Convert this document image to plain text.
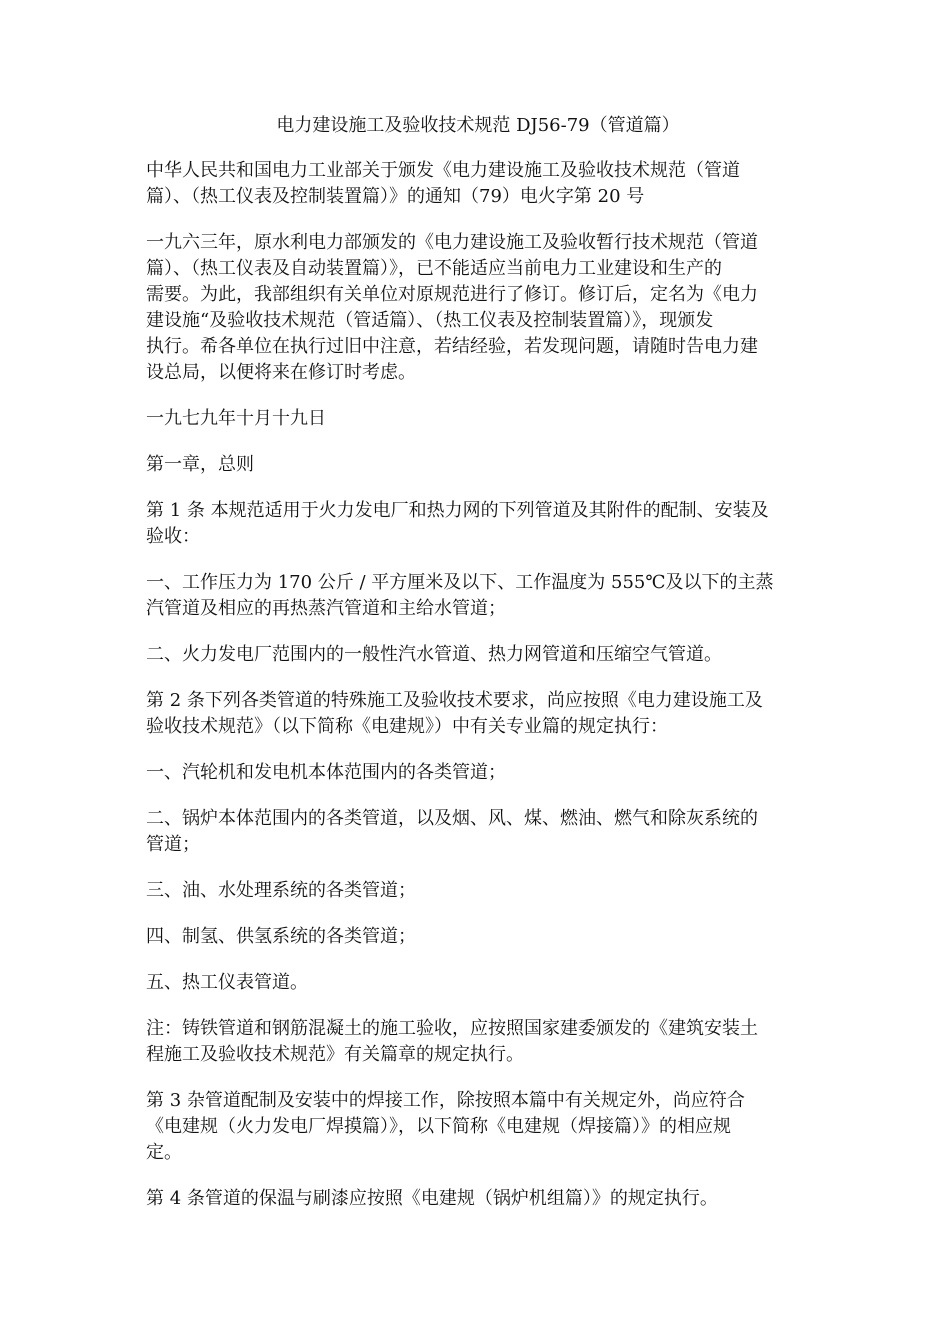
电力建设施工及验收技术规范 DJ56-79（管道篇）

中华人民共和国电力工业部关于颁发《电力建设施工及验收技术规范（管道
篇）、（热工仪表及控制装置篇）》的通知（79）电火字第 20 号

一九六三年，原水利电力部颁发的《电力建设施工及验收暂行技术规范（管道
篇）、（热工仪表及自动装置篇）》，已不能适应当前电力工业建设和生产的
需要。为此，我部组织有关单位对原规范进行了修订。修订后，定名为《电力
建设施“及验收技术规范（管适篇）、（热工仪表及控制装置篇）》，现颁发
执行。希各单位在执行过旧中注意，若结经验，若发现问题，请随时告电力建
设总局，以便将来在修订时考虑。

一九七九年十月十九日

第一章，总则

第 1 条 本规范适用于火力发电厂和热力网的下列管道及其附件的配制、安装及
验收：

一、工作压力为 170 公斤 / 平方厘米及以下、工作温度为 555℃及以下的主蒸
汽管道及相应的再热蒸汽管道和主给水管道；

二、火力发电厂范围内的一般性汽水管道、热力网管道和压缩空气管道。

第 2 条下列各类管道的特殊施工及验收技术要求，尚应按照《电力建设施工及
验收技术规范》（以下简称《电建规》）中有关专业篇的规定执行：

一、汽轮机和发电机本体范围内的各类管道；

二、锅炉本体范围内的各类管道，以及烟、风、煤、燃油、燃气和除灰系统的
管道；

三、油、水处理系统的各类管道；

四、制氢、供氢系统的各类管道；

五、热工仪表管道。

注：铸铁管道和钢筋混凝土的施工验收，应按照国家建委颁发的《建筑安装土
程施工及验收技术规范》有关篇章的规定执行。

第 3 杂管道配制及安装中的焊接工作，除按照本篇中有关规定外，尚应符合
《电建规（火力发电厂焊摸篇）》，以下简称《电建规（焊接篇）》的相应规
定。

第 4 条管道的保温与刷漆应按照《电建规（锅炉机组篇）》的规定执行。
